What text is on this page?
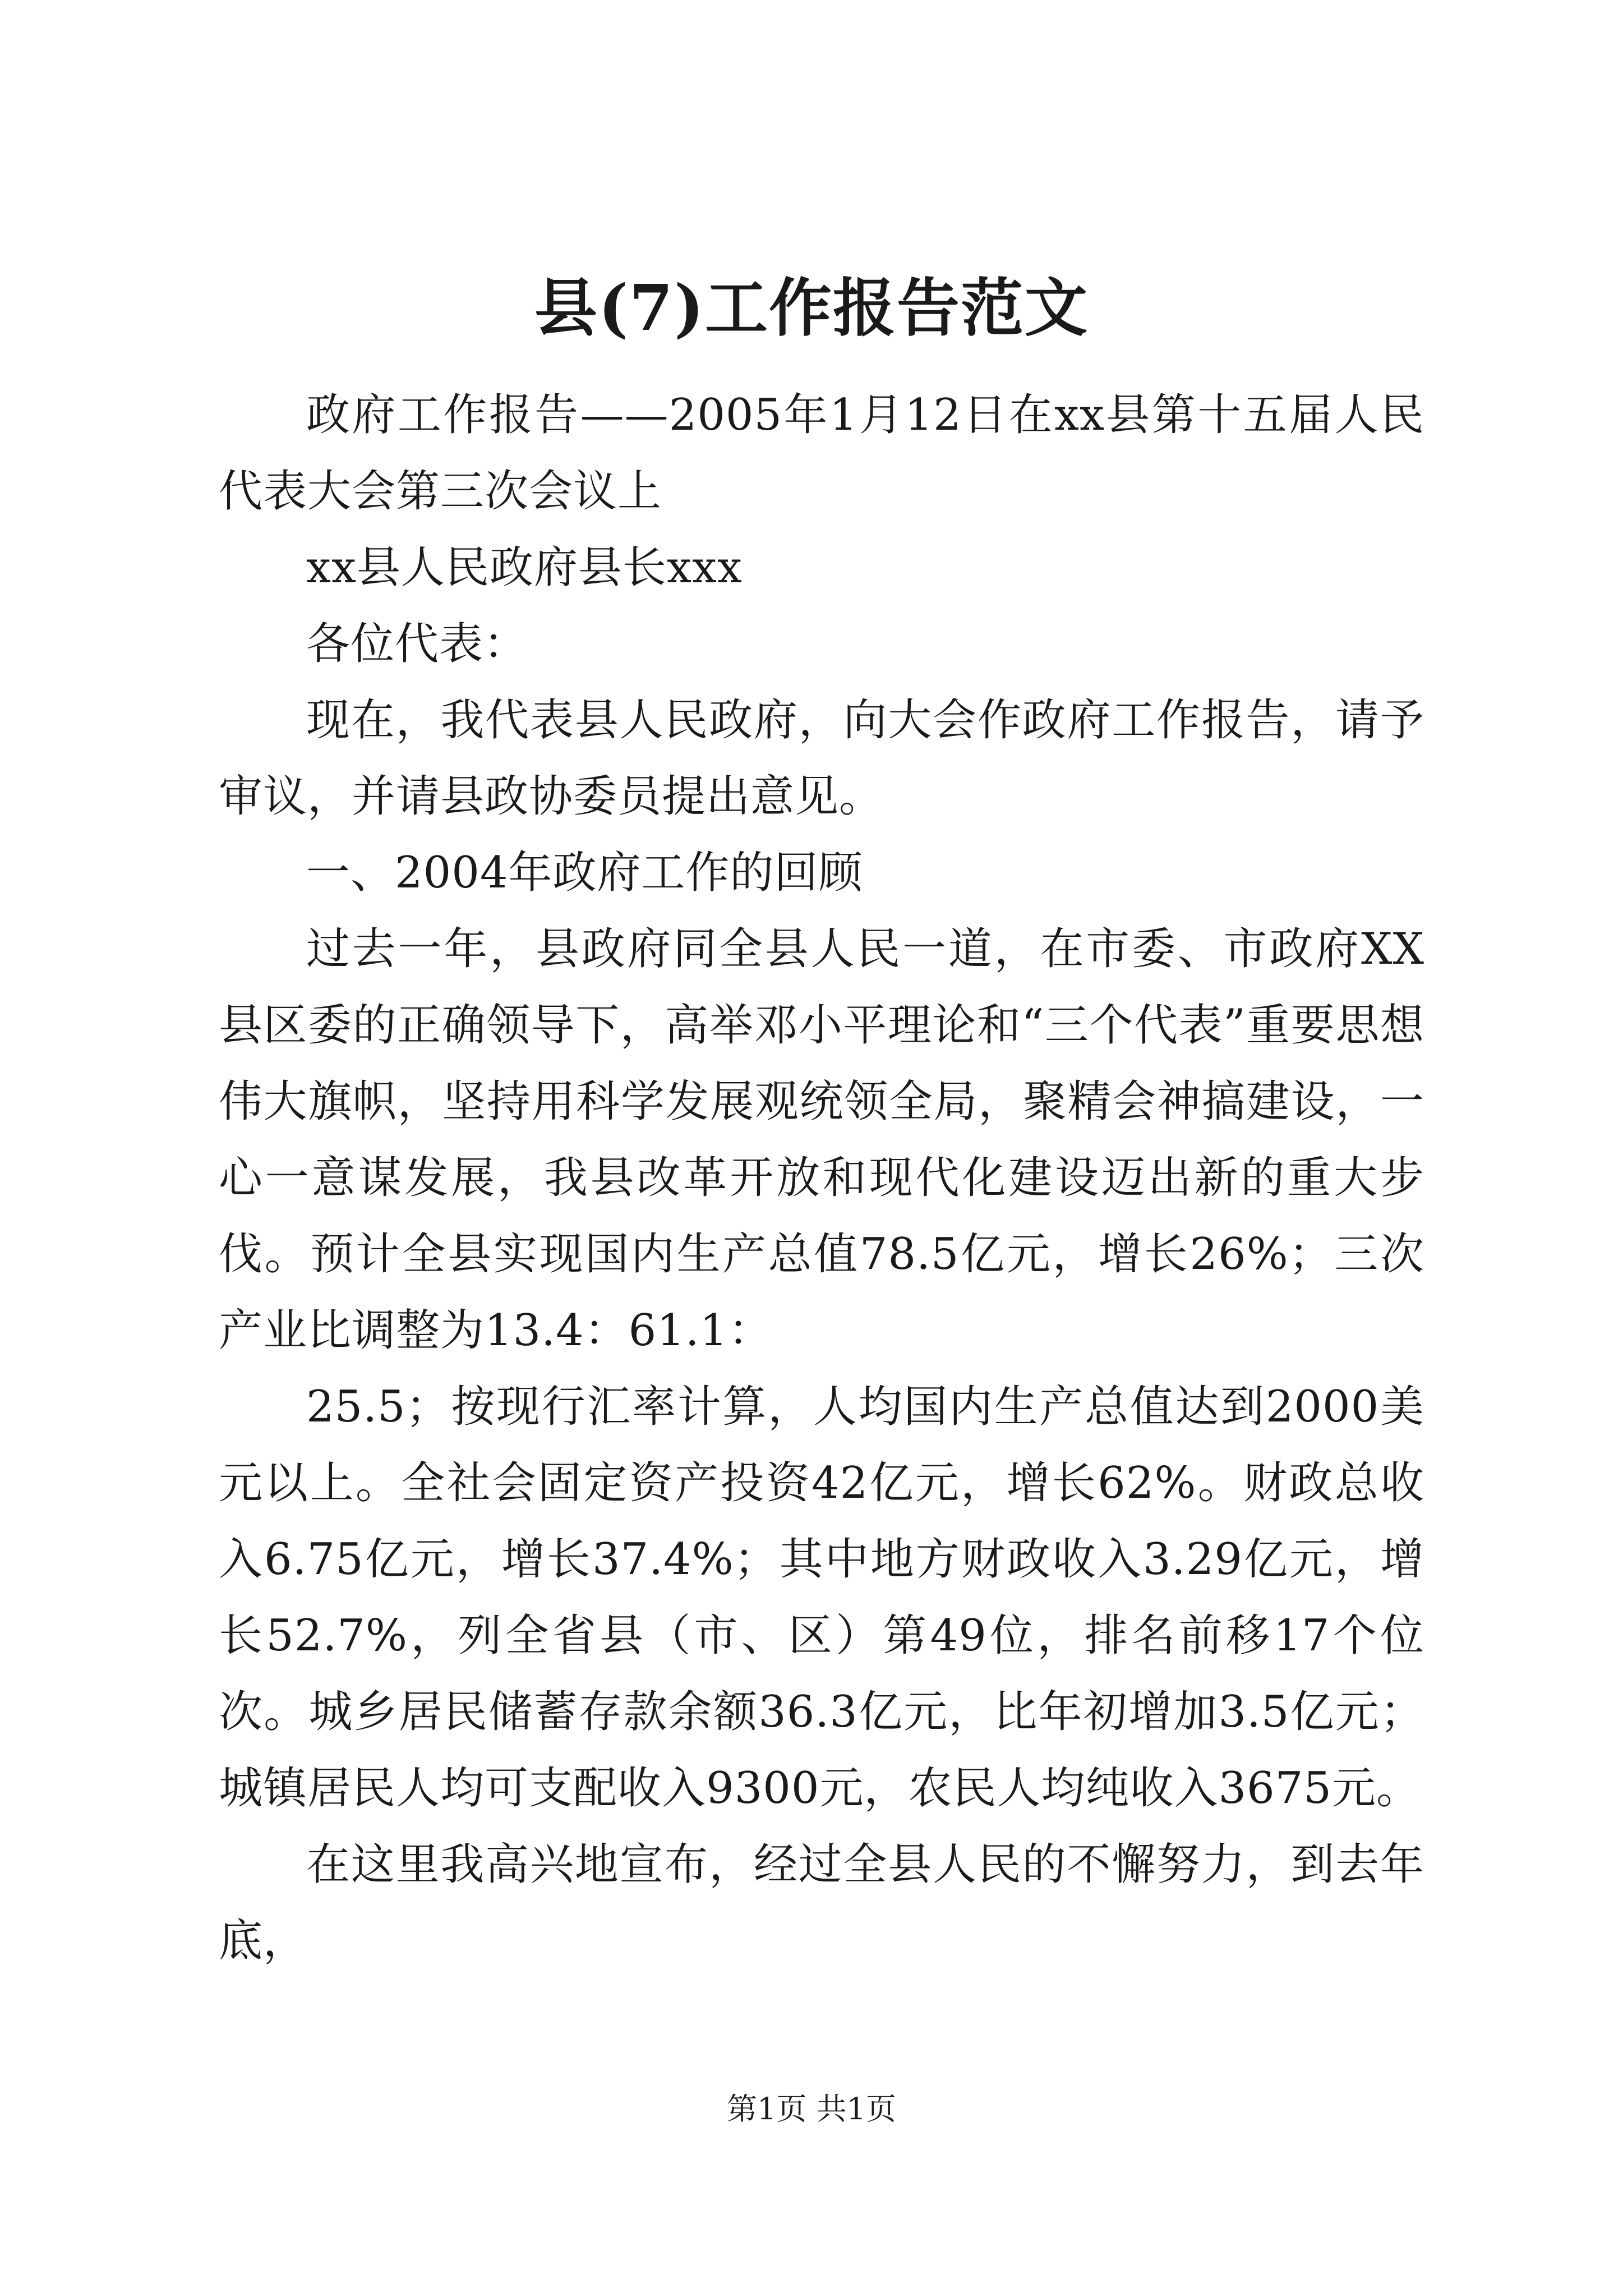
县(7)工作报告范文

政府工作报告——2005年1月12日在xx县第十五届人民代表大会第三次会议上

xx县人民政府县长xxx

各位代表：

现在，我代表县人民政府，向大会作政府工作报告，请予审议，并请县政协委员提出意见。

一、2004年政府工作的回顾

过去一年，县政府同全县人民一道，在市委、市政府XX县区委的正确领导下，高举邓小平理论和“三个代表”重要思想伟大旗帜，坚持用科学发展观统领全局，聚精会神搞建设，一心一意谋发展，我县改革开放和现代化建设迈出新的重大步伐。预计全县实现国内生产总值78.5亿元，增长26%；三次产业比调整为13.4：61.1：

25.5；按现行汇率计算，人均国内生产总值达到2000美元以上。全社会固定资产投资42亿元，增长62%。财政总收入6.75亿元，增长37.4%；其中地方财政收入3.29亿元，增长52.7%，列全省县（市、区）第49位，排名前移17个位次。城乡居民储蓄存款余额36.3亿元，比年初增加3.5亿元；城镇居民人均可支配收入9300元，农民人均纯收入3675元。

在这里我高兴地宣布，经过全县人民的不懈努力，到去年底，

第1页 共1页
